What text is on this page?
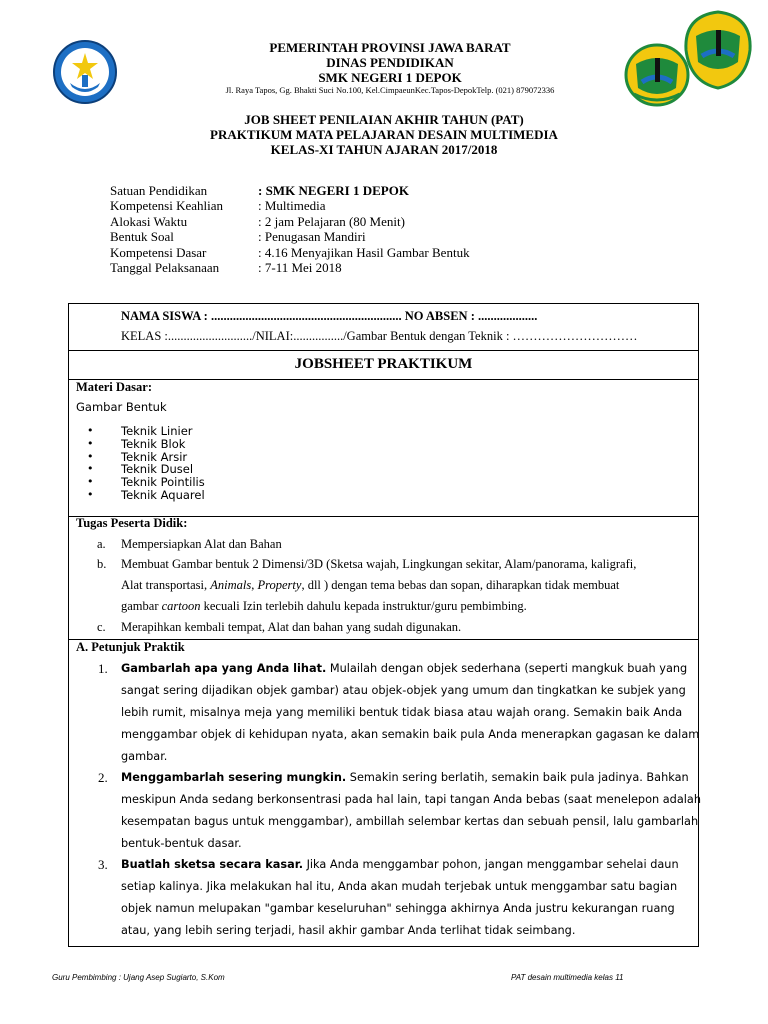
PEMERINTAH PROVINSI JAWA BARAT
DINAS PENDIDIKAN
SMK NEGERI 1 DEPOK
Jl. Raya Tapos, Gg. Bhakti Suci No.100, Kel.CimpaeunKec.Tapos-DepokTelp. (021) 879072336
JOB SHEET PENILAIAN AKHIR TAHUN (PAT)
PRAKTIKUM MATA PELAJARAN DESAIN MULTIMEDIA
KELAS-XI TAHUN AJARAN 2017/2018
Satuan Pendidikan	: SMK NEGERI 1 DEPOK
Kompetensi Keahlian	: Multimedia
Alokasi Waktu	: 2 jam Pelajaran (80 Menit)
Bentuk Soal	: Penugasan Mandiri
Kompetensi Dasar	: 4.16 Menyajikan Hasil Gambar Bentuk
Tanggal Pelaksanaan	: 7-11 Mei 2018
NAMA SISWA : ............................................................. NO ABSEN : ...................
KELAS :.........................../NILAI:................/Gambar Bentuk dengan Teknik : …………………………
JOBSHEET PRAKTIKUM
Materi Dasar:
Gambar Bentuk
• Teknik Linier
• Teknik Blok
• Teknik Arsir
• Teknik Dusel
• Teknik Pointilis
• Teknik Aquarel
Tugas Peserta Didik:
a. Mempersiapkan Alat dan Bahan
b. Membuat Gambar bentuk 2 Dimensi/3D (Sketsa wajah, Lingkungan sekitar, Alam/panorama, kaligrafi,
Alat transportasi, Animals, Property, dll ) dengan tema bebas dan sopan, diharapkan tidak membuat
gambar cartoon kecuali Izin terlebih dahulu kepada instruktur/guru pembimbing.
c. Merapihkan kembali tempat, Alat dan bahan yang sudah digunakan.
A. Petunjuk Praktik
1. Gambarlah apa yang Anda lihat. Mulailah dengan objek sederhana (seperti mangkuk buah yang sangat sering dijadikan objek gambar) atau objek-objek yang umum dan tingkatkan ke subjek yang lebih rumit, misalnya meja yang memiliki bentuk tidak biasa atau wajah orang. Semakin baik Anda menggambar objek di kehidupan nyata, akan semakin baik pula Anda menerapkan gagasan ke dalam gambar.
2. Menggambarlah sesering mungkin. Semakin sering berlatih, semakin baik pula jadinya. Bahkan meskipun Anda sedang berkonsentrasi pada hal lain, tapi tangan Anda bebas (saat menelepon adalah kesempatan bagus untuk menggambar), ambillah selembar kertas dan sebuah pensil, lalu gambarlah bentuk-bentuk dasar.
3. Buatlah sketsa secara kasar. Jika Anda menggambar pohon, jangan menggambar sehelai daun setiap kalinya. Jika melakukan hal itu, Anda akan mudah terjebak untuk menggambar satu bagian objek namun melupakan "gambar keseluruhan" sehingga akhirnya Anda justru kekurangan ruang atau, yang lebih sering terjadi, hasil akhir gambar Anda terlihat tidak seimbang.
Guru Pembimbing : Ujang Asep Sugiarto, S.Kom	PAT desain multimedia kelas 11
